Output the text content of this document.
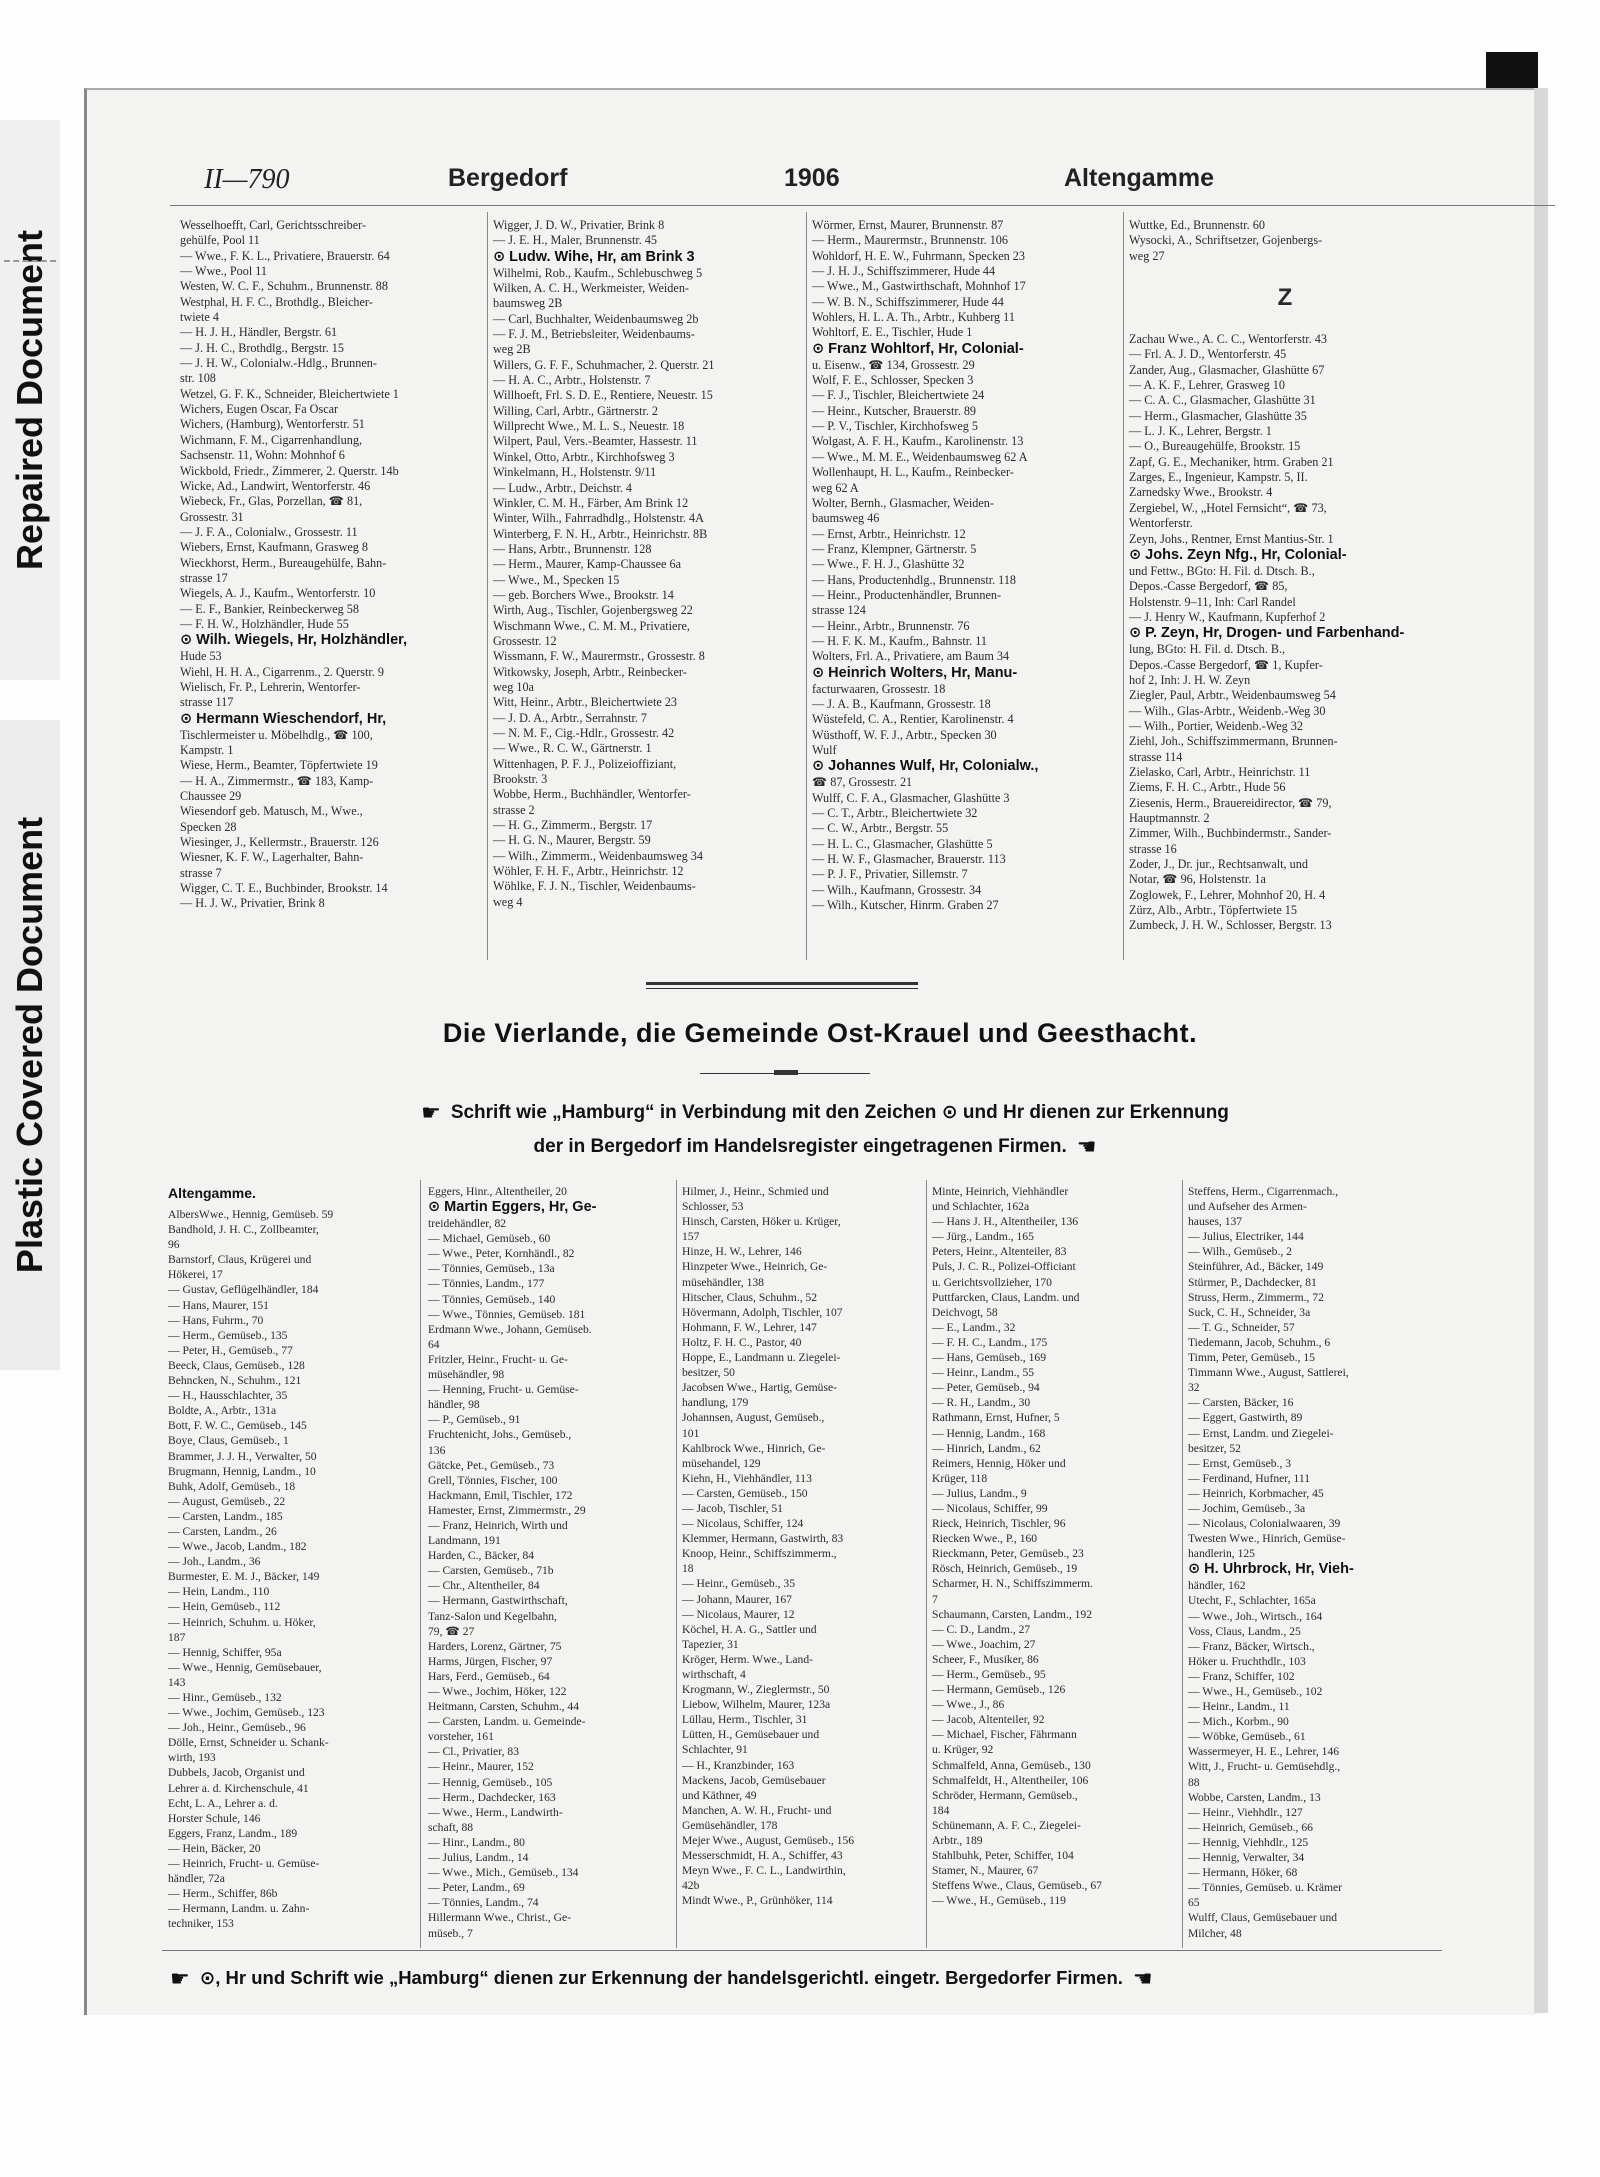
Repaired Document
Plastic Covered Document
II—790	Bergedorf	1906	Altengamme
Wesselhoefft, Carl, Gerichtsschreiber-
gehülfe, Pool 11
— Wwe., F. K. L., Privatiere, Brauerstr. 64
— Wwe., Pool 11
Westen, W. C. F., Schuhm., Brunnenstr. 88
Westphal, H. F. C., Brothdlg., Bleicher-
twiete 4
— H. J. H., Händler, Bergstr. 61
— J. H. C., Brothdlg., Bergstr. 15
— J. H. W., Colonialw.-Hdlg., Brunnen-
str. 108
Wetzel, G. F. K., Schneider, Bleichertwiete 1
Wichers, Eugen Oscar, Fa Oscar
Wichers, (Hamburg), Wentorferstr. 51
Wichmann, F. M., Cigarrenhandlung,
Sachsenstr. 11, Wohn: Mohnhof 6
Wickbold, Friedr., Zimmerer, 2. Querstr. 14b
Wicke, Ad., Landwirt, Wentorferstr. 46
Wiebeck, Fr., Glas, Porzellan, ☎ 81,
Grossestr. 31
— J. F. A., Colonialw., Grossestr. 11
Wiebers, Ernst, Kaufmann, Grasweg 8
Wieckhorst, Herm., Bureaugehülfe, Bahn-
strasse 17
Wiegels, A. J., Kaufm., Wentorferstr. 10
— E. F., Bankier, Reinbeckerweg 58
— F. H. W., Holzhändler, Hude 55
⊙ Wilh. Wiegels, Hr, Holzhändler,
Hude 53
Wiehl, H. H. A., Cigarrenm., 2. Querstr. 9
Wielisch, Fr. P., Lehrerin, Wentorfer-
strasse 117
⊙ Hermann Wieschendorf, Hr,
Tischlermeister u. Möbelhdlg., ☎ 100,
Kampstr. 1
Wiese, Herm., Beamter, Töpfertwiete 19
— H. A., Zimmermstr., ☎ 183, Kamp-
Chaussee 29
Wiesendorf geb. Matusch, M., Wwe.,
Specken 28
Wiesinger, J., Kellermstr., Brauerstr. 126
Wiesner, K. F. W., Lagerhalter, Bahn-
strasse 7
Wigger, C. T. E., Buchbinder, Brookstr. 14
— H. J. W., Privatier, Brink 8
Wigger, J. D. W., Privatier, Brink 8
— J. E. H., Maler, Brunnenstr. 45
⊙ Ludw. Wihe, Hr, am Brink 3
Wilhelmi, Rob., Kaufm., Schlebuschweg 5
Wilken, A. C. H., Werkmeister, Weiden-
baumsweg 2B
— Carl, Buchhalter, Weidenbaumsweg 2b
— F. J. M., Betriebsleiter, Weidenbaums-
weg 2B
Willers, G. F. F., Schuhmacher, 2. Querstr. 21
— H. A. C., Arbtr., Holstenstr. 7
Willhoeft, Frl. S. D. E., Rentiere, Neuestr. 15
Willing, Carl, Arbtr., Gärtnerstr. 2
Willprecht Wwe., M. L. S., Neuestr. 18
Wilpert, Paul, Vers.-Beamter, Hassestr. 11
Winkel, Otto, Arbtr., Kirchhofsweg 3
Winkelmann, H., Holstenstr. 9/11
— Ludw., Arbtr., Deichstr. 4
Winkler, C. M. H., Färber, Am Brink 12
Winter, Wilh., Fahrradhdlg., Holstenstr. 4A
Winterberg, F. N. H., Arbtr., Heinrichstr. 8B
— Hans, Arbtr., Brunnenstr. 128
— Herm., Maurer, Kamp-Chaussee 6a
— Wwe., M., Specken 15
— geb. Borchers Wwe., Brookstr. 14
Wirth, Aug., Tischler, Gojenbergsweg 22
Wischmann Wwe., C. M. M., Privatiere,
Grossestr. 12
Wissmann, F. W., Maurermstr., Grossestr. 8
Witkowsky, Joseph, Arbtr., Reinbecker-
weg 10a
Witt, Heinr., Arbtr., Bleichertwiete 23
— J. D. A., Arbtr., Serrahnstr. 7
— N. M. F., Cig.-Hdlr., Grossestr. 42
— Wwe., R. C. W., Gärtnerstr. 1
Wittenhagen, P. F. J., Polizeioffiziant,
Brookstr. 3
Wobbe, Herm., Buchhändler, Wentorfer-
strasse 2
— H. G., Zimmerm., Bergstr. 17
— H. G. N., Maurer, Bergstr. 59
— Wilh., Zimmerm., Weidenbaumsweg 34
Wöhler, F. H. F., Arbtr., Heinrichstr. 12
Wöhlke, F. J. N., Tischler, Weidenbaums-
weg 4
Wörmer, Ernst, Maurer, Brunnenstr. 87
— Herm., Maurermstr., Brunnenstr. 106
Wohldorf, H. E. W., Fuhrmann, Specken 23
— J. H. J., Schiffszimmerer, Hude 44
— Wwe., M., Gastwirthschaft, Mohnhof 17
— W. B. N., Schiffszimmerer, Hude 44
Wohlers, H. L. A. Th., Arbtr., Kuhberg 11
Wohltorf, E. E., Tischler, Hude 1
⊙ Franz Wohltorf, Hr, Colonial-
u. Eisenw., ☎ 134, Grossestr. 29
Wolf, F. E., Schlosser, Specken 3
— F. J., Tischler, Bleichertwiete 24
— Heinr., Kutscher, Brauerstr. 89
— P. V., Tischler, Kirchhofsweg 5
Wolgast, A. F. H., Kaufm., Karolinenstr. 13
— Wwe., M. M. E., Weidenbaumsweg 62 A
Wollenhaupt, H. L., Kaufm., Reinbecker-
weg 62 A
Wolter, Bernh., Glasmacher, Weiden-
baumsweg 46
— Ernst, Arbtr., Heinrichstr. 12
— Franz, Klempner, Gärtnerstr. 5
— Wwe., F. H. J., Glashütte 32
— Hans, Productenhdlg., Brunnenstr. 118
— Heinr., Productenhändler, Brunnen-
strasse 124
— Heinr., Arbtr., Brunnenstr. 76
— H. F. K. M., Kaufm., Bahnstr. 11
Wolters, Frl. A., Privatiere, am Baum 34
⊙ Heinrich Wolters, Hr, Manu-
facturwaaren, Grossestr. 18
— J. A. B., Kaufmann, Grossestr. 18
Wüstefeld, C. A., Rentier, Karolinenstr. 4
Wüsthoff, W. F. J., Arbtr., Specken 30
Wulf
⊙ Johannes Wulf, Hr, Colonialw.,
☎ 87, Grossestr. 21
Wulff, C. F. A., Glasmacher, Glashütte 3
— C. T., Arbtr., Bleichertwiete 32
— C. W., Arbtr., Bergstr. 55
— H. L. C., Glasmacher, Glashütte 5
— H. W. F., Glasmacher, Brauerstr. 113
— P. J. F., Privatier, Sillemstr. 7
— Wilh., Kaufmann, Grossestr. 34
— Wilh., Kutscher, Hinrm. Graben 27
Wuttke, Ed., Brunnenstr. 60
Wysocki, A., Schriftsetzer, Gojenbergs-
weg 27
Z
Zachau Wwe., A. C. C., Wentorferstr. 43
— Frl. A. J. D., Wentorferstr. 45
Zander, Aug., Glasmacher, Glashütte 67
— A. K. F., Lehrer, Grasweg 10
— C. A. C., Glasmacher, Glashütte 31
— Herm., Glasmacher, Glashütte 35
— L. J. K., Lehrer, Bergstr. 1
— O., Bureaugehülfe, Brookstr. 15
Zapf, G. E., Mechaniker, htrm. Graben 21
Zarges, E., Ingenieur, Kampstr. 5, II.
Zarnedsky Wwe., Brookstr. 4
Zergiebel, W., „Hotel Fernsicht“, ☎ 73,
Wentorferstr.
Zeyn, Johs., Rentner, Ernst Mantius-Str. 1
⊙ Johs. Zeyn Nfg., Hr, Colonial-
und Fettw., BGto: H. Fil. d. Dtsch. B.,
Depos.-Casse Bergedorf, ☎ 85,
Holstenstr. 9–11, Inh: Carl Randel
— J. Henry W., Kaufmann, Kupferhof 2
⊙ P. Zeyn, Hr, Drogen- und Farbenhand-
lung, BGto: H. Fil. d. Dtsch. B.,
Depos.-Casse Bergedorf, ☎ 1, Kupfer-
hof 2, Inh: J. H. W. Zeyn
Ziegler, Paul, Arbtr., Weidenbaumsweg 54
— Wilh., Glas-Arbtr., Weidenb.-Weg 30
— Wilh., Portier, Weidenb.-Weg 32
Ziehl, Joh., Schiffszimmermann, Brunnen-
strasse 114
Zielasko, Carl, Arbtr., Heinrichstr. 11
Ziems, F. H. C., Arbtr., Hude 56
Ziesenis, Herm., Brauereidirector, ☎ 79,
Hauptmannstr. 2
Zimmer, Wilh., Buchbindermstr., Sander-
strasse 16
Zoder, J., Dr. jur., Rechtsanwalt, und
Notar, ☎ 96, Holstenstr. 1a
Zoglowek, F., Lehrer, Mohnhof 20, H. 4
Zürz, Alb., Arbtr., Töpfertwiete 15
Zumbeck, J. H. W., Schlosser, Bergstr. 13
Die Vierlande, die Gemeinde Ost-Krauel und Geesthacht.
☛ Schrift wie „Hamburg“ in Verbindung mit den Zeichen ⊙ und Hr dienen zur Erkennung
der in Bergedorf im Handelsregister eingetragenen Firmen. ☚
Altengamme.
AlbersWwe., Hennig, Gemüseb. 59
Bandhold, J. H. C., Zollbeamter,
96
Barnstorf, Claus, Krügerei und
Hökerei, 17
— Gustav, Geflügelhändler, 184
— Hans, Maurer, 151
— Hans, Fuhrm., 70
— Herm., Gemüseb., 135
— Peter, H., Gemüseb., 77
Beeck, Claus, Gemüseb., 128
Behncken, N., Schuhm., 121
— H., Hausschlachter, 35
Boldte, A., Arbtr., 131a
Bott, F. W. C., Gemüseb., 145
Boye, Claus, Gemüseb., 1
Brammer, J. J. H., Verwalter, 50
Brugmann, Hennig, Landm., 10
Buhk, Adolf, Gemüseb., 18
— August, Gemüseb., 22
— Carsten, Landm., 185
— Carsten, Landm., 26
— Wwe., Jacob, Landm., 182
— Joh., Landm., 36
Burmester, E. M. J., Bäcker, 149
— Hein, Landm., 110
— Hein, Gemüseb., 112
— Heinrich, Schuhm. u. Höker,
187
— Hennig, Schiffer, 95a
— Wwe., Hennig, Gemüsebauer,
143
— Hinr., Gemüseb., 132
— Wwe., Jochim, Gemüseb., 123
— Joh., Heinr., Gemüseb., 96
Dölle, Ernst, Schneider u. Schank-
wirth, 193
Dubbels, Jacob, Organist und
Lehrer a. d. Kirchenschule, 41
Echt, L. A., Lehrer a. d.
Horster Schule, 146
Eggers, Franz, Landm., 189
— Hein, Bäcker, 20
— Heinrich, Frucht- u. Gemüse-
händler, 72a
— Herm., Schiffer, 86b
— Hermann, Landm. u. Zahn-
techniker, 153
Eggers, Hinr., Altentheiler, 20
⊙ Martin Eggers, Hr, Ge-
treidehändler, 82
— Michael, Gemüseb., 60
— Wwe., Peter, Kornhändl., 82
— Tönnies, Gemüseb., 13a
— Tönnies, Landm., 177
— Tönnies, Gemüseb., 140
— Wwe., Tönnies, Gemüseb. 181
Erdmann Wwe., Johann, Gemüseb.
64
Fritzler, Heinr., Frucht- u. Ge-
müsehändler, 98
— Henning, Frucht- u. Gemüse-
händler, 98
— P., Gemüseb., 91
Fruchtenicht, Johs., Gemüseb.,
136
Gätcke, Pet., Gemüseb., 73
Grell, Tönnies, Fischer, 100
Hackmann, Emil, Tischler, 172
Hamester, Ernst, Zimmermstr., 29
— Franz, Heinrich, Wirth und
Landmann, 191
Harden, C., Bäcker, 84
— Carsten, Gemüseb., 71b
— Chr., Altentheiler, 84
— Hermann, Gastwirthschaft,
Tanz-Salon und Kegelbahn,
79, ☎ 27
Harders, Lorenz, Gärtner, 75
Harms, Jürgen, Fischer, 97
Hars, Ferd., Gemüseb., 64
— Wwe., Jochim, Höker, 122
Heitmann, Carsten, Schuhm., 44
— Carsten, Landm. u. Gemeinde-
vorsteher, 161
— Cl., Privatier, 83
— Heinr., Maurer, 152
— Hennig, Gemüseb., 105
— Herm., Dachdecker, 163
— Wwe., Herm., Landwirth-
schaft, 88
— Hinr., Landm., 80
— Julius, Landm., 14
— Wwe., Mich., Gemüseb., 134
— Peter, Landm., 69
— Tönnies, Landm., 74
Hillermann Wwe., Christ., Ge-
müseb., 7
Hilmer, J., Heinr., Schmied und
Schlosser, 53
Hinsch, Carsten, Höker u. Krüger,
157
Hinze, H. W., Lehrer, 146
Hinzpeter Wwe., Heinrich, Ge-
müsehändler, 138
Hitscher, Claus, Schuhm., 52
Hövermann, Adolph, Tischler, 107
Hohmann, F. W., Lehrer, 147
Holtz, F. H. C., Pastor, 40
Hoppe, E., Landmann u. Ziegelei-
besitzer, 50
Jacobsen Wwe., Hartig, Gemüse-
handlung, 179
Johannsen, August, Gemüseb.,
101
Kahlbrock Wwe., Hinrich, Ge-
müsehandel, 129
Kiehn, H., Viehhändler, 113
— Carsten, Gemüseb., 150
— Jacob, Tischler, 51
— Nicolaus, Schiffer, 124
Klemmer, Hermann, Gastwirth, 83
Knoop, Heinr., Schiffszimmerm.,
18
— Heinr., Gemüseb., 35
— Johann, Maurer, 167
— Nicolaus, Maurer, 12
Köchel, H. A. G., Sattler und
Tapezier, 31
Kröger, Herm. Wwe., Land-
wirthschaft, 4
Krogmann, W., Zieglermstr., 50
Liebow, Wilhelm, Maurer, 123a
Lüllau, Herm., Tischler, 31
Lütten, H., Gemüsebauer und
Schlachter, 91
— H., Kranzbinder, 163
Mackens, Jacob, Gemüsebauer
und Käthner, 49
Manchen, A. W. H., Frucht- und
Gemüsehändler, 178
Mejer Wwe., August, Gemüseb., 156
Messerschmidt, H. A., Schiffer, 43
Meyn Wwe., F. C. L., Landwirthin,
42b
Mindt Wwe., P., Grünhöker, 114
Minte, Heinrich, Viehhändler
und Schlachter, 162a
— Hans J. H., Altentheiler, 136
— Jürg., Landm., 165
Peters, Heinr., Altenteiler, 83
Puls, J. C. R., Polizei-Officiant
u. Gerichtsvollzieher, 170
Puttfarcken, Claus, Landm. und
Deichvogt, 58
— E., Landm., 32
— F. H. C., Landm., 175
— Hans, Gemüseb., 169
— Heinr., Landm., 55
— Peter, Gemüseb., 94
— R. H., Landm., 30
Rathmann, Ernst, Hufner, 5
— Hennig, Landm., 168
— Hinrich, Landm., 62
Reimers, Hennig, Höker und
Krüger, 118
— Julius, Landm., 9
— Nicolaus, Schiffer, 99
Rieck, Heinrich, Tischler, 96
Riecken Wwe., P., 160
Rieckmann, Peter, Gemüseb., 23
Rösch, Heinrich, Gemüseb., 19
Scharmer, H. N., Schiffszimmerm.
7
Schaumann, Carsten, Landm., 192
— C. D., Landm., 27
— Wwe., Joachim, 27
Scheer, F., Musiker, 86
— Herm., Gemüseb., 95
— Hermann, Gemüseb., 126
— Wwe., J., 86
— Jacob, Altenteiler, 92
— Michael, Fischer, Fährmann
u. Krüger, 92
Schmalfeld, Anna, Gemüseb., 130
Schmalfeldt, H., Altentheiler, 106
Schröder, Hermann, Gemüseb.,
184
Schünemann, A. F. C., Ziegelei-
Arbtr., 189
Stahlbuhk, Peter, Schiffer, 104
Stamer, N., Maurer, 67
Steffens Wwe., Claus, Gemüseb., 67
— Wwe., H., Gemüseb., 119
Steffens, Herm., Cigarrenmach.,
und Aufseher des Armen-
hauses, 137
— Julius, Electriker, 144
— Wilh., Gemüseb., 2
Steinführer, Ad., Bäcker, 149
Stürmer, P., Dachdecker, 81
Struss, Herm., Zimmerm., 72
Suck, C. H., Schneider, 3a
— T. G., Schneider, 57
Tiedemann, Jacob, Schuhm., 6
Timm, Peter, Gemüseb., 15
Timmann Wwe., August, Sattlerei,
32
— Carsten, Bäcker, 16
— Eggert, Gastwirth, 89
— Ernst, Landm. und Ziegelei-
besitzer, 52
— Ernst, Gemüseb., 3
— Ferdinand, Hufner, 111
— Heinrich, Korbmacher, 45
— Jochim, Gemüseb., 3a
— Nicolaus, Colonialwaaren, 39
Twesten Wwe., Hinrich, Gemüse-
handlerin, 125
⊙ H. Uhrbrock, Hr, Vieh-
händler, 162
Utecht, F., Schlachter, 165a
— Wwe., Joh., Wirtsch., 164
Voss, Claus, Landm., 25
— Franz, Bäcker, Wirtsch.,
Höker u. Fruchthdlr., 103
— Franz, Schiffer, 102
— Wwe., H., Gemüseb., 102
— Heinr., Landm., 11
— Mich., Korbm., 90
— Wöbke, Gemüseb., 61
Wassermeyer, H. E., Lehrer, 146
Witt, J., Frucht- u. Gemüsehdlg.,
88
Wobbe, Carsten, Landm., 13
— Heinr., Viehhdlr., 127
— Heinrich, Gemüseb., 66
— Hennig, Viehhdlr., 125
— Hennig, Verwalter, 34
— Hermann, Höker, 68
— Tönnies, Gemüseb. u. Krämer
65
Wulff, Claus, Gemüsebauer und
Milcher, 48
☛ ⊙, Hr und Schrift wie „Hamburg“ dienen zur Erkennung der handelsgerichtl. eingetr. Bergedorfer Firmen. ☚
